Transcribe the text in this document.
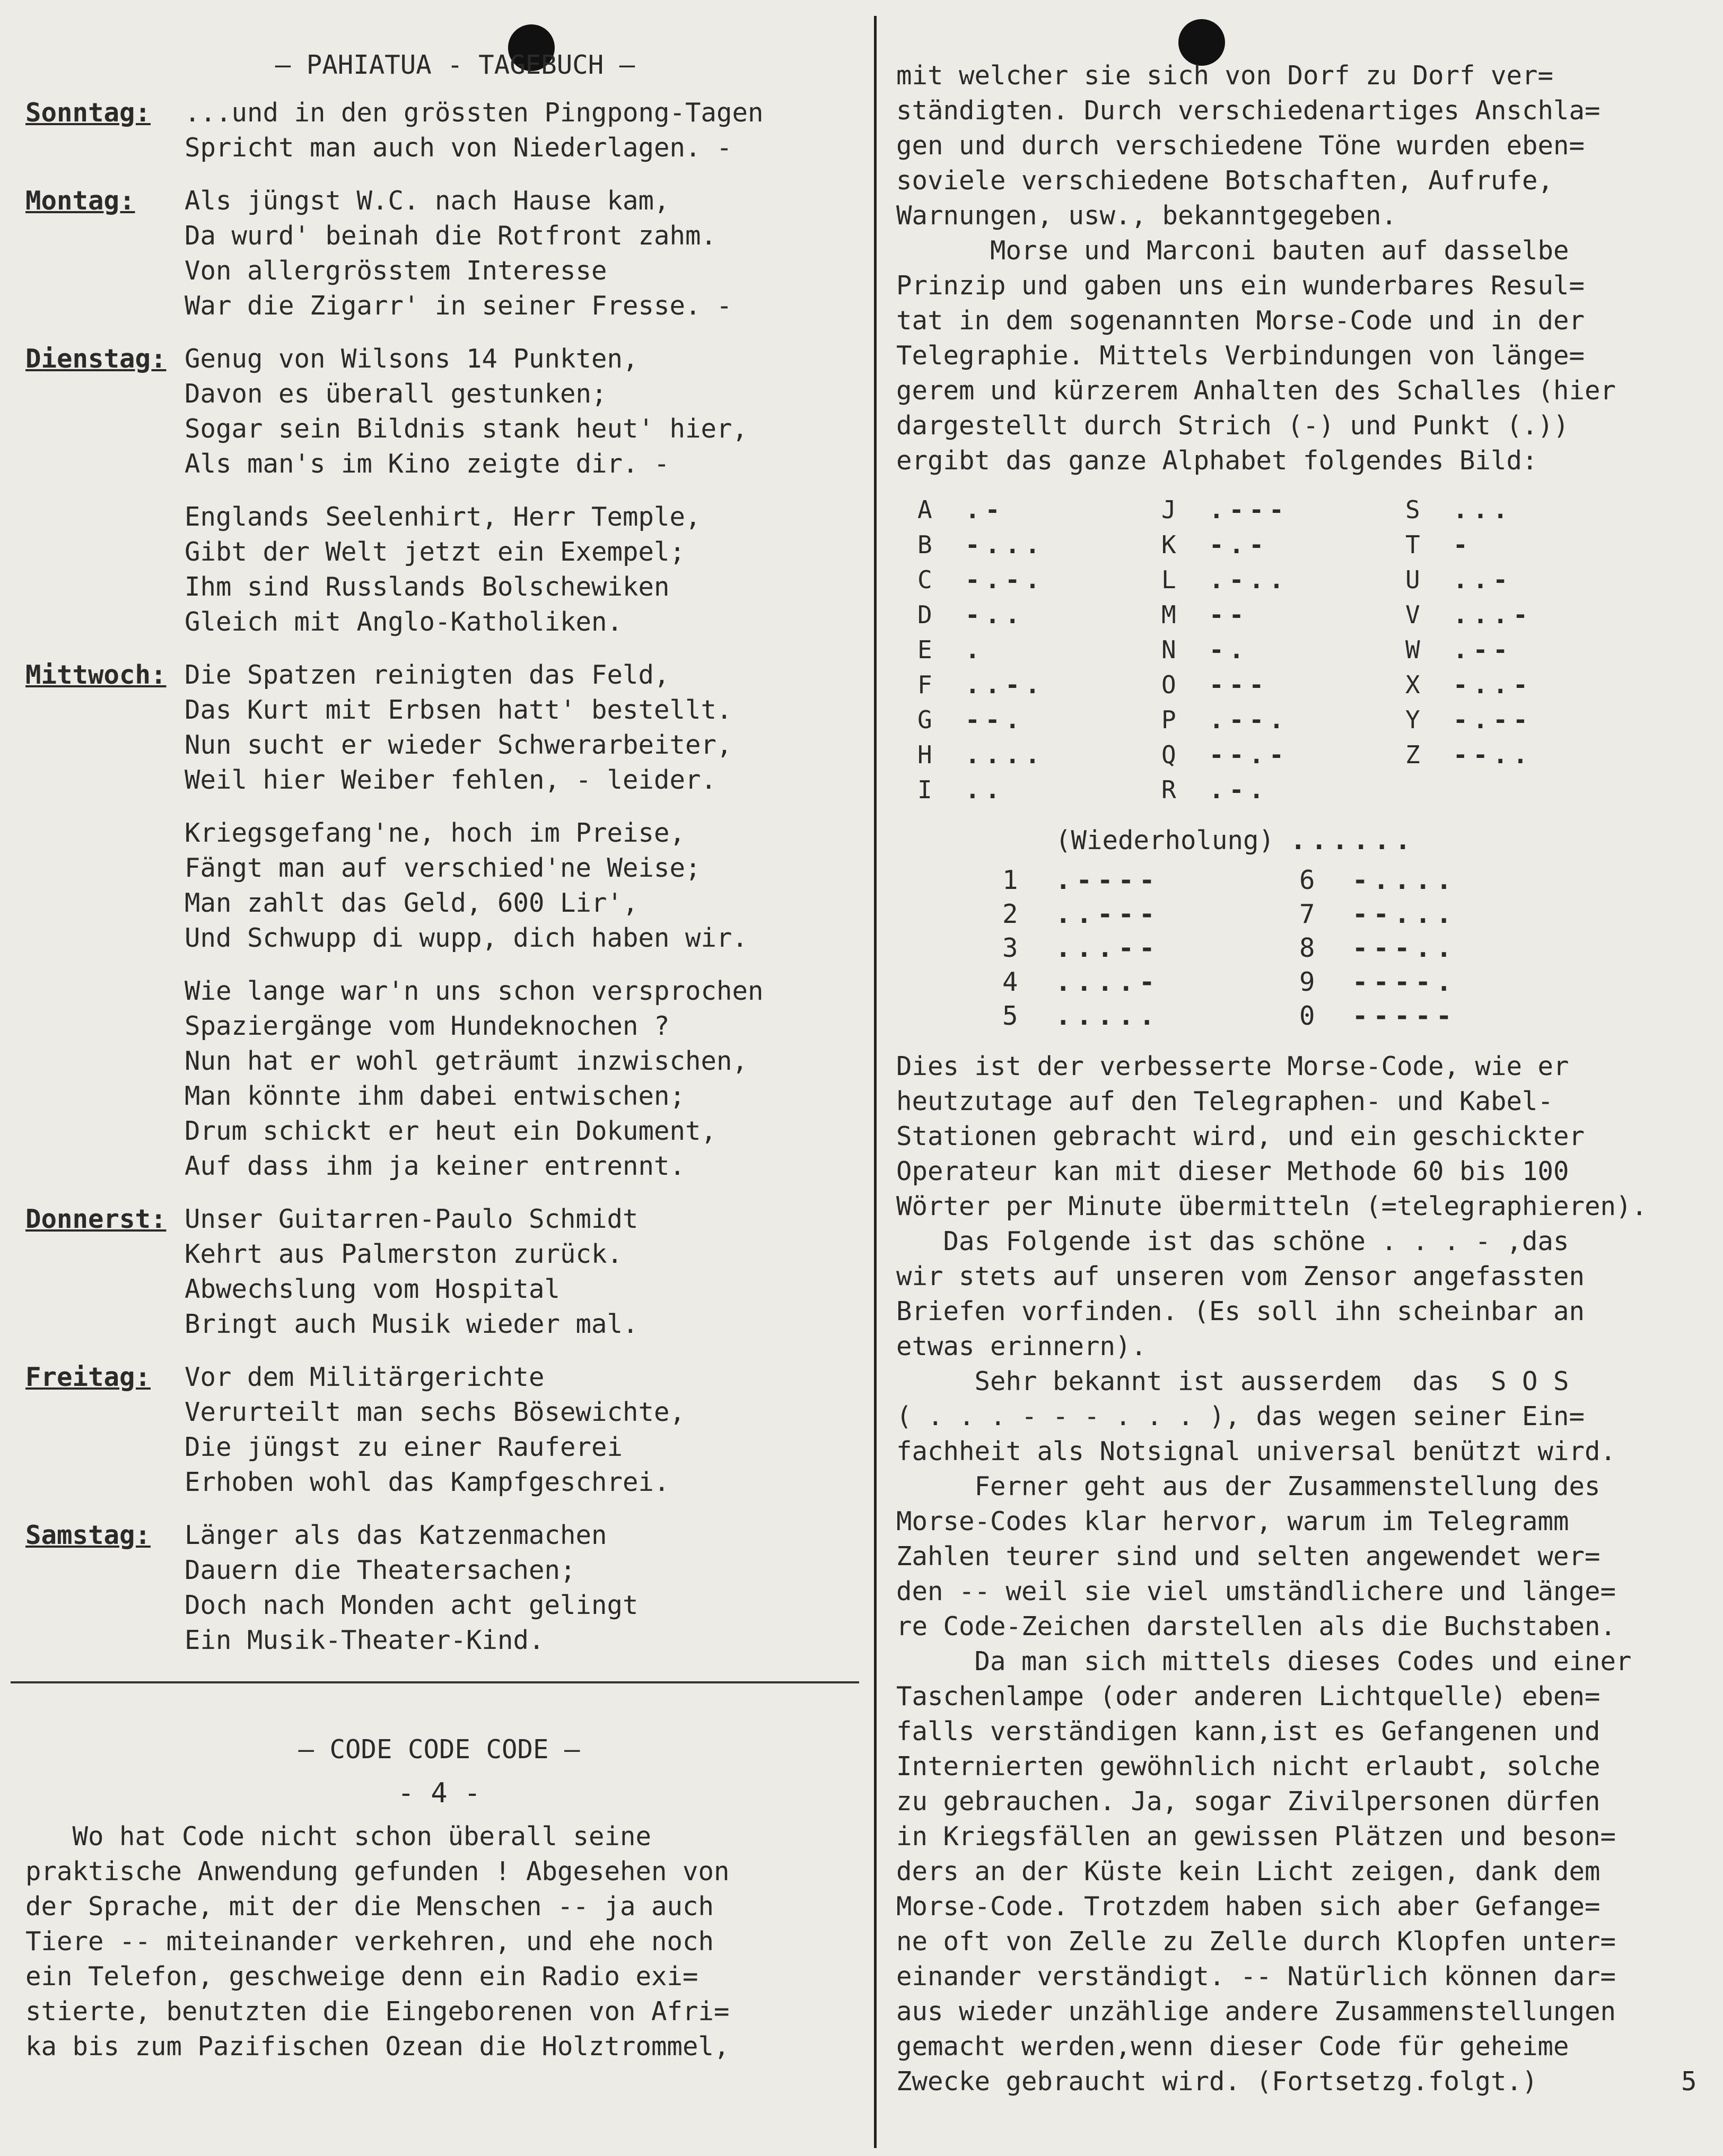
— PAHIATUA - TAGEBUCH —
Sonntag:	...und in den grössten Pingpong-Tagen
Spricht man auch von Niederlagen. -
Montag:	Als jüngst W.C. nach Hause kam,
Da wurd' beinah die Rotfront zahm.
Von allergrösstem Interesse
War die Zigarr' in seiner Fresse. -
Dienstag: Genug von Wilsons 14 Punkten,
Davon es überall gestunken;
Sogar sein Bildnis stank heut' hier,
Als man's im Kino zeigte dir. -
Englands Seelenhirt, Herr Temple,
Gibt der Welt jetzt ein Exempel;
Ihm sind Russlands Bolschewiken
Gleich mit Anglo-Katholiken.
Mittwoch: Die Spatzen reinigten das Feld,
Das Kurt mit Erbsen hatt' bestellt.
Nun sucht er wieder Schwerarbeiter,
Weil hier Weiber fehlen, - leider.
Kriegsgefang'ne, hoch im Preise,
Fängt man auf verschied'ne Weise;
Man zahlt das Geld, 600 Lir',
Und Schwupp di wupp, dich haben wir.
Wie lange war'n uns schon versprochen
Spaziergänge vom Hundeknochen ?
Nun hat er wohl geträumt inzwischen,
Man könnte ihm dabei entwischen;
Drum schickt er heut ein Dokument,
Auf dass ihm ja keiner entrennt.
Donnerst: Unser Guitarren-Paulo Schmidt
Kehrt aus Palmerston zurück.
Abwechslung vom Hospital
Bringt auch Musik wieder mal.
Freitag:	Vor dem Militärgerichte
Verurteilt man sechs Bösewichte,
Die jüngst zu einer Rauferei
Erhoben wohl das Kampfgeschrei.
Samstag:	Länger als das Katzenmachen
Dauern die Theatersachen;
Doch nach Monden acht gelingt
Ein Musik-Theater-Kind.
— CODE CODE CODE —
- 4 -
Wo hat Code nicht schon überall seine
praktische Anwendung gefunden ! Abgesehen von
der Sprache, mit der die Menschen -- ja auch
Tiere -- miteinander verkehren, und ehe noch
ein Telefon, geschweige denn ein Radio exi=
stierte, benutzten die Eingeborenen von Afri=
ka bis zum Pazifischen Ozean die Holztrommel,
mit welcher sie sich von Dorf zu Dorf ver=
ständigten. Durch verschiedenartiges Anschla=
gen und durch verschiedene Töne wurden eben=
soviele verschiedene Botschaften, Aufrufe,
Warnungen, usw., bekanntgegeben.
Morse und Marconi bauten auf dasselbe
Prinzip und gaben uns ein wunderbares Resul=
tat in dem sogenannten Morse-Code und in der
Telegraphie. Mittels Verbindungen von länge=
gerem und kürzerem Anhalten des Schalles (hier
dargestellt durch Strich (-) und Punkt (.))
ergibt das ganze Alphabet folgendes Bild:
A	.-	J	.---	S	...
B	-...	K	-.-	T	-
C	-.-.	L	.-..	U	..-
D	-..	M	--	V	...-
E	.	N	-.	W	.--
F	..-.	O	---	X	-..-
G	--.	P	.--.	Y	-.--
H	....	Q	--.-	Z	--..
I	..	R	.-.
(Wiederholung) ......
1	.----	6	-....
2	..---	7	--...
3	...--	8	---..
4	....-	9	----.
5	.....	0	-----
Dies ist der verbesserte Morse-Code, wie er
heutzutage auf den Telegraphen- und Kabel-
Stationen gebracht wird, und ein geschickter
Operateur kan mit dieser Methode 60 bis 100
Wörter per Minute übermitteln (=telegraphieren).
Das Folgende ist das schöne . . . - ,das
wir stets auf unseren vom Zensor angefassten
Briefen vorfinden. (Es soll ihn scheinbar an
etwas erinnern).
Sehr bekannt ist ausserdem  das  S O S
( . . . - - - . . . ), das wegen seiner Ein=
fachheit als Notsignal universal benützt wird.
Ferner geht aus der Zusammenstellung des
Morse-Codes klar hervor, warum im Telegramm
Zahlen teurer sind und selten angewendet wer=
den -- weil sie viel umständlichere und länge=
re Code-Zeichen darstellen als die Buchstaben.
Da man sich mittels dieses Codes und einer
Taschenlampe (oder anderen Lichtquelle) eben=
falls verständigen kann,ist es Gefangenen und
Internierten gewöhnlich nicht erlaubt, solche
zu gebrauchen. Ja, sogar Zivilpersonen dürfen
in Kriegsfällen an gewissen Plätzen und beson=
ders an der Küste kein Licht zeigen, dank dem
Morse-Code. Trotzdem haben sich aber Gefange=
ne oft von Zelle zu Zelle durch Klopfen unter=
einander verständigt. -- Natürlich können dar=
aus wieder unzählige andere Zusammenstellungen
gemacht werden,wenn dieser Code für geheime
Zwecke gebraucht wird. (Fortsetzg.folgt.)	5
